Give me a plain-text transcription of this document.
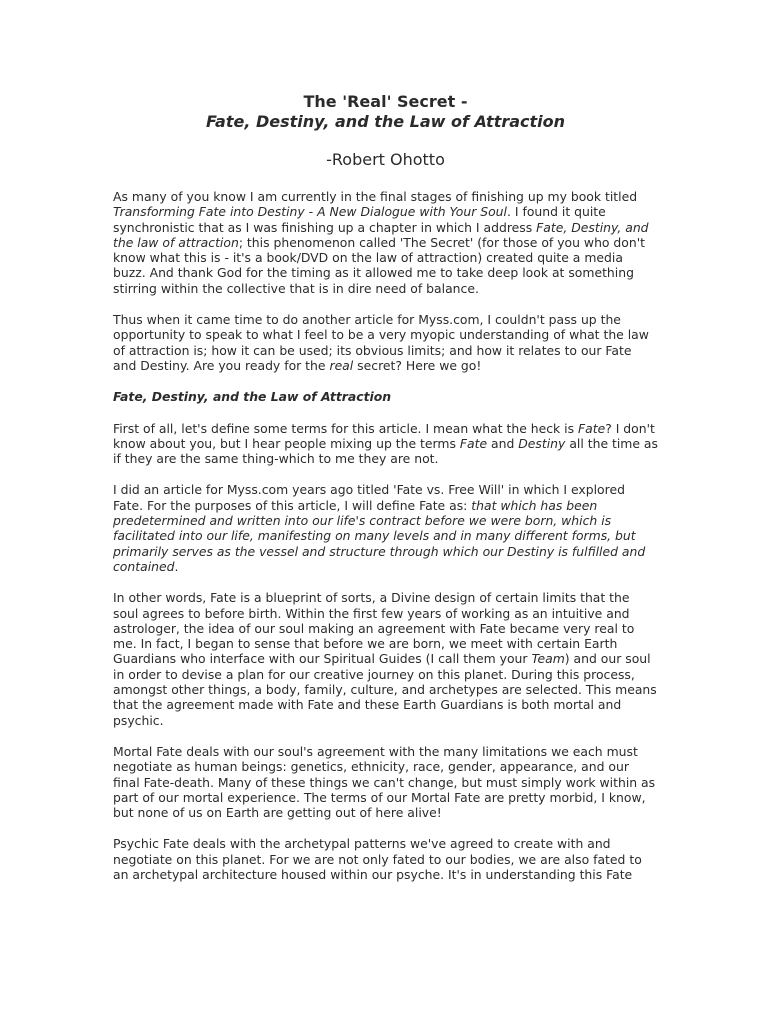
The 'Real' Secret -
Fate, Destiny, and the Law of Attraction
-Robert Ohotto

As many of you know I am currently in the final stages of finishing up my book titled Transforming Fate into Destiny - A New Dialogue with Your Soul. I found it quite synchronistic that as I was finishing up a chapter in which I address Fate, Destiny, and the law of attraction; this phenomenon called 'The Secret' (for those of you who don't know what this is - it's a book/DVD on the law of attraction) created quite a media buzz. And thank God for the timing as it allowed me to take deep look at something stirring within the collective that is in dire need of balance.

Thus when it came time to do another article for Myss.com, I couldn't pass up the opportunity to speak to what I feel to be a very myopic understanding of what the law of attraction is; how it can be used; its obvious limits; and how it relates to our Fate and Destiny. Are you ready for the real secret? Here we go!

Fate, Destiny, and the Law of Attraction

First of all, let's define some terms for this article. I mean what the heck is Fate? I don't know about you, but I hear people mixing up the terms Fate and Destiny all the time as if they are the same thing-which to me they are not.

I did an article for Myss.com years ago titled 'Fate vs. Free Will' in which I explored Fate. For the purposes of this article, I will define Fate as: that which has been predetermined and written into our life's contract before we were born, which is facilitated into our life, manifesting on many levels and in many different forms, but primarily serves as the vessel and structure through which our Destiny is fulfilled and contained.

In other words, Fate is a blueprint of sorts, a Divine design of certain limits that the soul agrees to before birth. Within the first few years of working as an intuitive and astrologer, the idea of our soul making an agreement with Fate became very real to me. In fact, I began to sense that before we are born, we meet with certain Earth Guardians who interface with our Spiritual Guides (I call them your Team) and our soul in order to devise a plan for our creative journey on this planet. During this process, amongst other things, a body, family, culture, and archetypes are selected. This means that the agreement made with Fate and these Earth Guardians is both mortal and psychic.

Mortal Fate deals with our soul's agreement with the many limitations we each must negotiate as human beings: genetics, ethnicity, race, gender, appearance, and our final Fate-death. Many of these things we can't change, but must simply work within as part of our mortal experience. The terms of our Mortal Fate are pretty morbid, I know, but none of us on Earth are getting out of here alive!

Psychic Fate deals with the archetypal patterns we've agreed to create with and negotiate on this planet. For we are not only fated to our bodies, we are also fated to an archetypal architecture housed within our psyche. It's in understanding this Fate
